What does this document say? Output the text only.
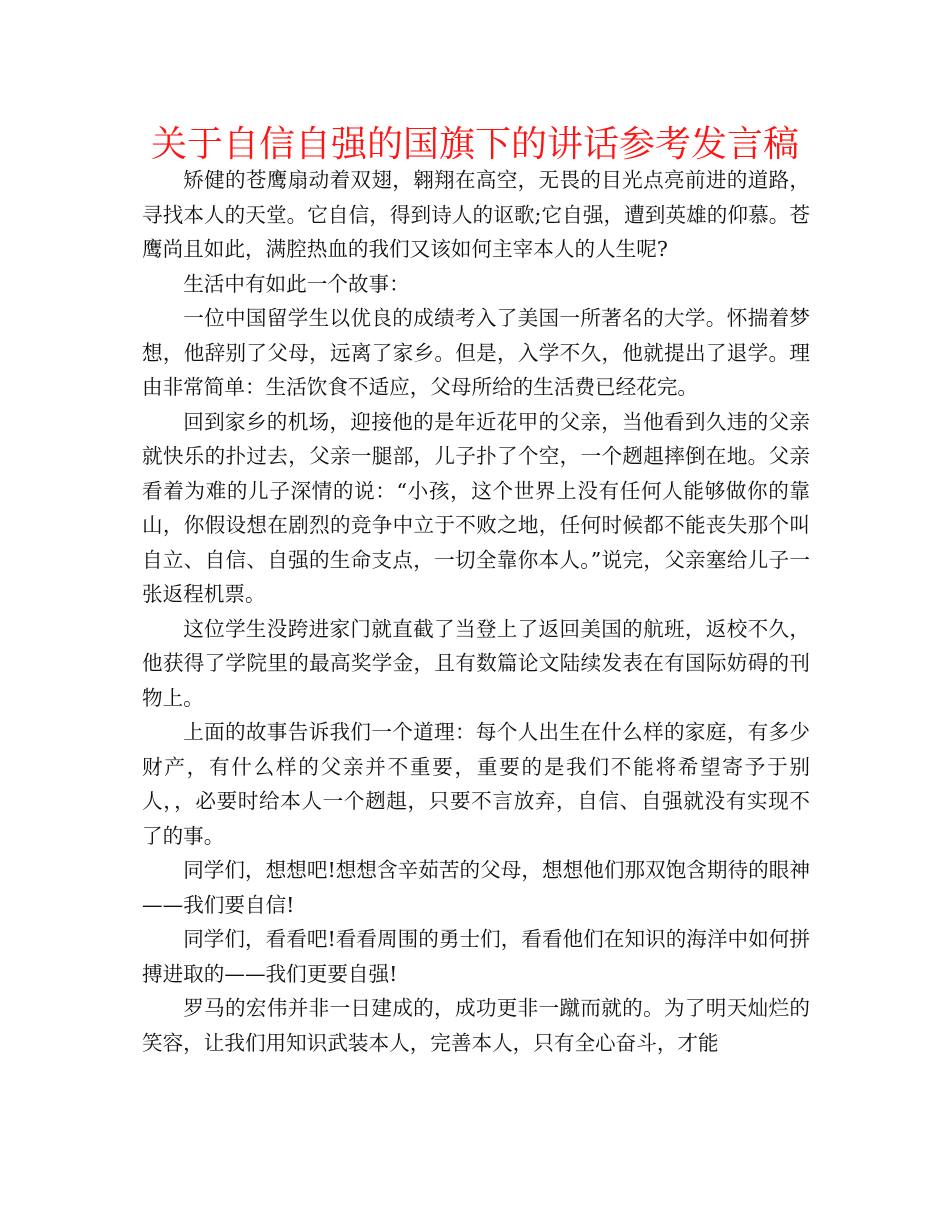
关于自信自强的国旗下的讲话参考发言稿

矫健的苍鹰扇动着双翅，翱翔在高空，无畏的目光点亮前进的道路，寻找本人的天堂。它自信，得到诗人的讴歌;它自强，遭到英雄的仰慕。苍鹰尚且如此，满腔热血的我们又该如何主宰本人的人生呢?

生活中有如此一个故事：

一位中国留学生以优良的成绩考入了美国一所著名的大学。怀揣着梦想，他辞别了父母，远离了家乡。但是，入学不久，他就提出了退学。理由非常简单：生活饮食不适应，父母所给的生活费已经花完。

回到家乡的机场，迎接他的是年近花甲的父亲，当他看到久违的父亲就快乐的扑过去，父亲一腿部，儿子扑了个空，一个趔趄摔倒在地。父亲看着为难的儿子深情的说：“小孩，这个世界上没有任何人能够做你的靠山，你假设想在剧烈的竞争中立于不败之地，任何时候都不能丧失那个叫自立、自信、自强的生命支点，一切全靠你本人。”说完，父亲塞给儿子一张返程机票。

这位学生没跨进家门就直截了当登上了返回美国的航班，返校不久，他获得了学院里的最高奖学金，且有数篇论文陆续发表在有国际妨碍的刊物上。

上面的故事告诉我们一个道理：每个人出生在什么样的家庭，有多少财产，有什么样的父亲并不重要，重要的是我们不能将希望寄予于别人，，必要时给本人一个趔趄，只要不言放弃，自信、自强就没有实现不了的事。

同学们，想想吧!想想含辛茹苦的父母，想想他们那双饱含期待的眼神——我们要自信!

同学们，看看吧!看看周围的勇士们，看看他们在知识的海洋中如何拼搏进取的——我们更要自强!

罗马的宏伟并非一日建成的，成功更非一蹴而就的。为了明天灿烂的笑容，让我们用知识武装本人，完善本人，只有全心奋斗，才能
